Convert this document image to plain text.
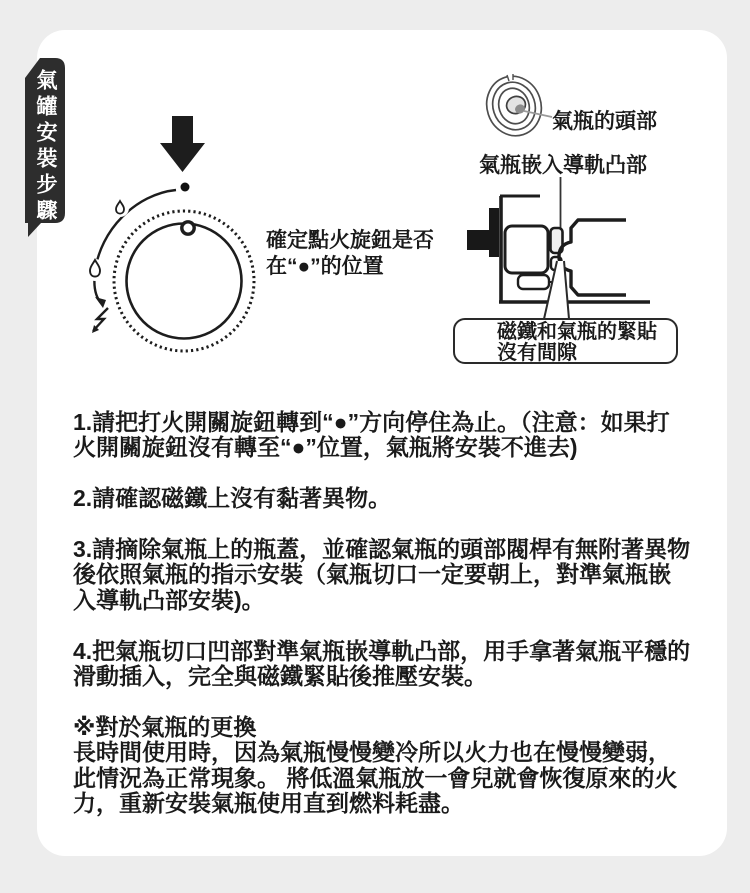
氣罐安裝步驟
確定點火旋鈕是否
在“●”的位置
氣瓶的頭部
氣瓶嵌入導軌凸部
磁鐵和氣瓶的緊貼
沒有間隙

1.請把打火開關旋鈕轉到“●”方向停住為止。（注意：如果打火開關旋鈕沒有轉至“●”位置，氣瓶將安裝不進去)

2.請確認磁鐵上沒有黏著異物。

3.請摘除氣瓶上的瓶蓋，並確認氣瓶的頭部閥桿有無附著異物後依照氣瓶的指示安裝（氣瓶切口一定要朝上，對準氣瓶嵌入導軌凸部安裝)。

4.把氣瓶切口凹部對準氣瓶嵌導軌凸部，用手拿著氣瓶平穩的滑動插入，完全與磁鐵緊貼後推壓安裝。

※對於氣瓶的更換

長時間使用時，因為氣瓶慢慢變冷所以火力也在慢慢變弱，此情況為正常現象。 將低溫氣瓶放一會兒就會恢復原來的火力，重新安裝氣瓶使用直到燃料耗盡。
